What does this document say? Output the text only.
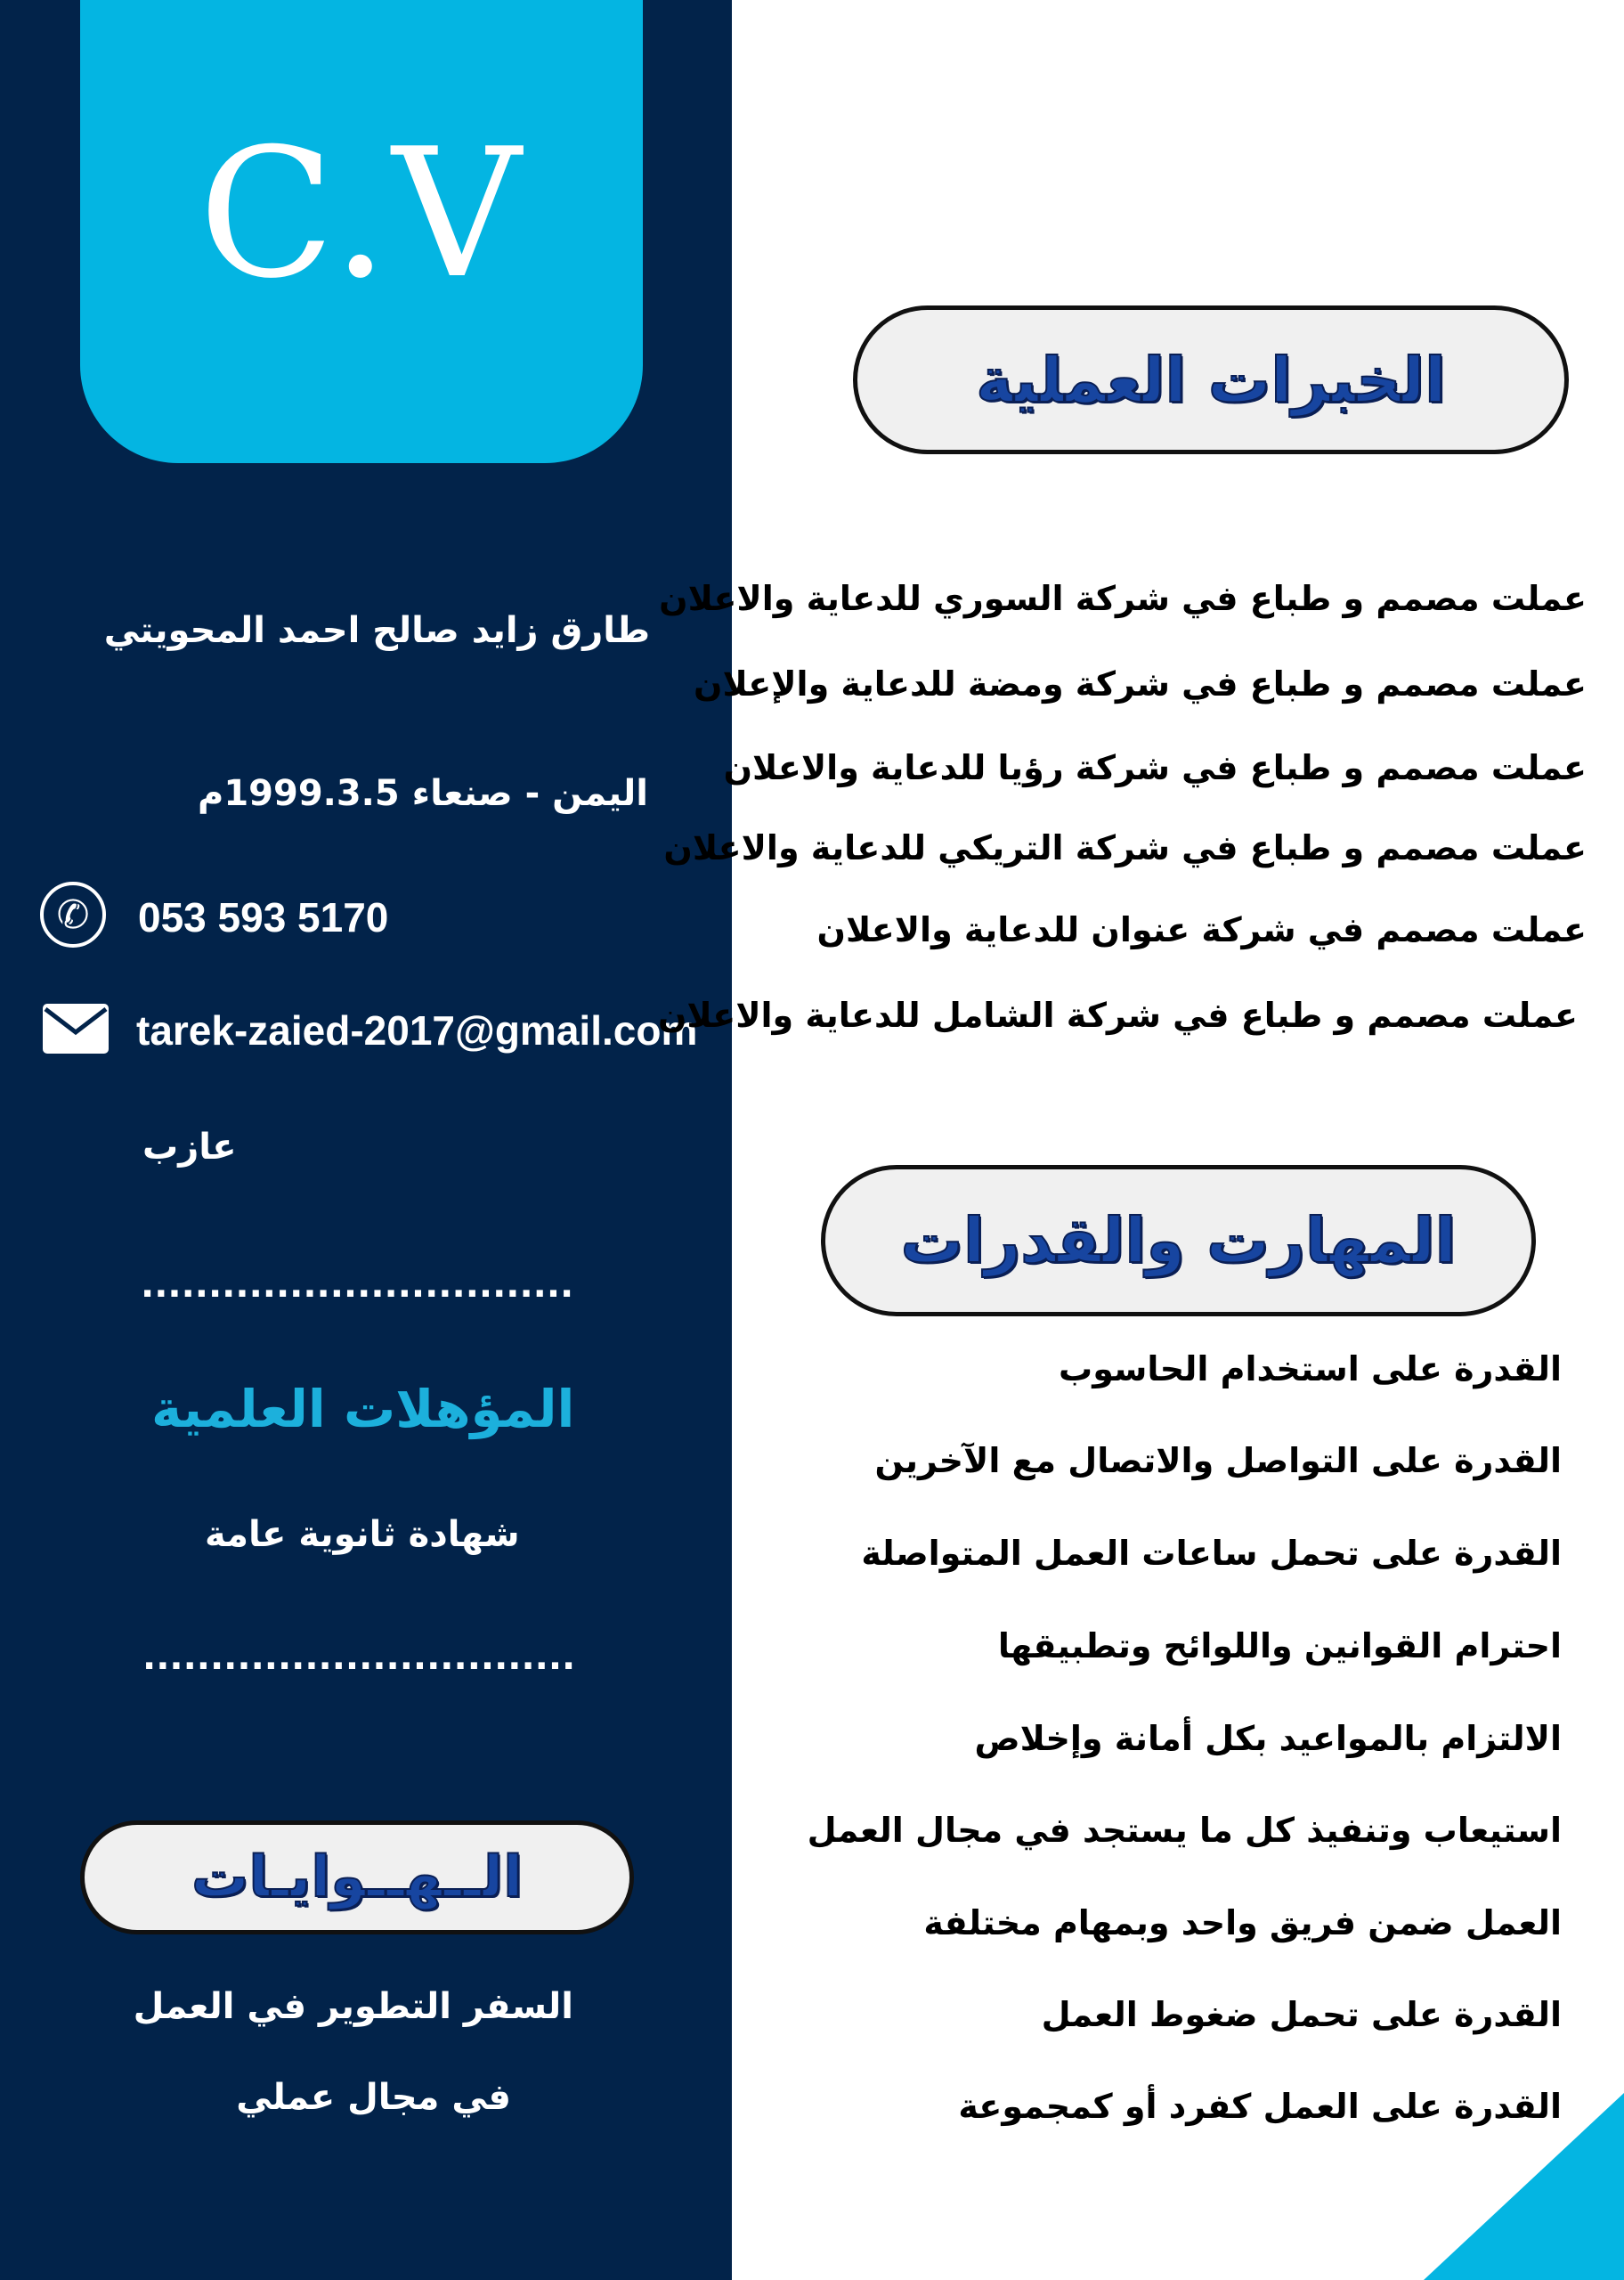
C.V
طارق زايد صالح احمد المحويتي
اليمن - صنعاء 1999.3.5م
✆	053 593 5170
tarek-zaied-2017@gmail.com
عازب
................................
المؤهلات العلمية
شهادة ثانوية عامة
................................
الــهــوايـات
السفر التطوير في العمل
في مجال عملي
الخبرات العملية
عملت مصمم و طباع في شركة السوري للدعاية والاعلان
عملت مصمم و طباع في شركة ومضة للدعاية والإعلان
عملت مصمم و طباع في شركة رؤيا للدعاية والاعلان
عملت مصمم و طباع في شركة التريكي للدعاية والاعلان
عملت مصمم في شركة عنوان للدعاية والاعلان
عملت مصمم و طباع في شركة الشامل للدعاية والاعلان
المهارت والقدرات
القدرة على استخدام الحاسوب
القدرة على التواصل والاتصال مع الآخرين
القدرة على تحمل ساعات العمل المتواصلة
احترام القوانين واللوائح وتطبيقها
الالتزام بالمواعيد بكل أمانة وإخلاص
استيعاب وتنفيذ كل ما يستجد في مجال العمل
العمل ضمن فريق واحد وبمهام مختلفة
القدرة على تحمل ضغوط العمل
القدرة على العمل كفرد أو كمجموعة
